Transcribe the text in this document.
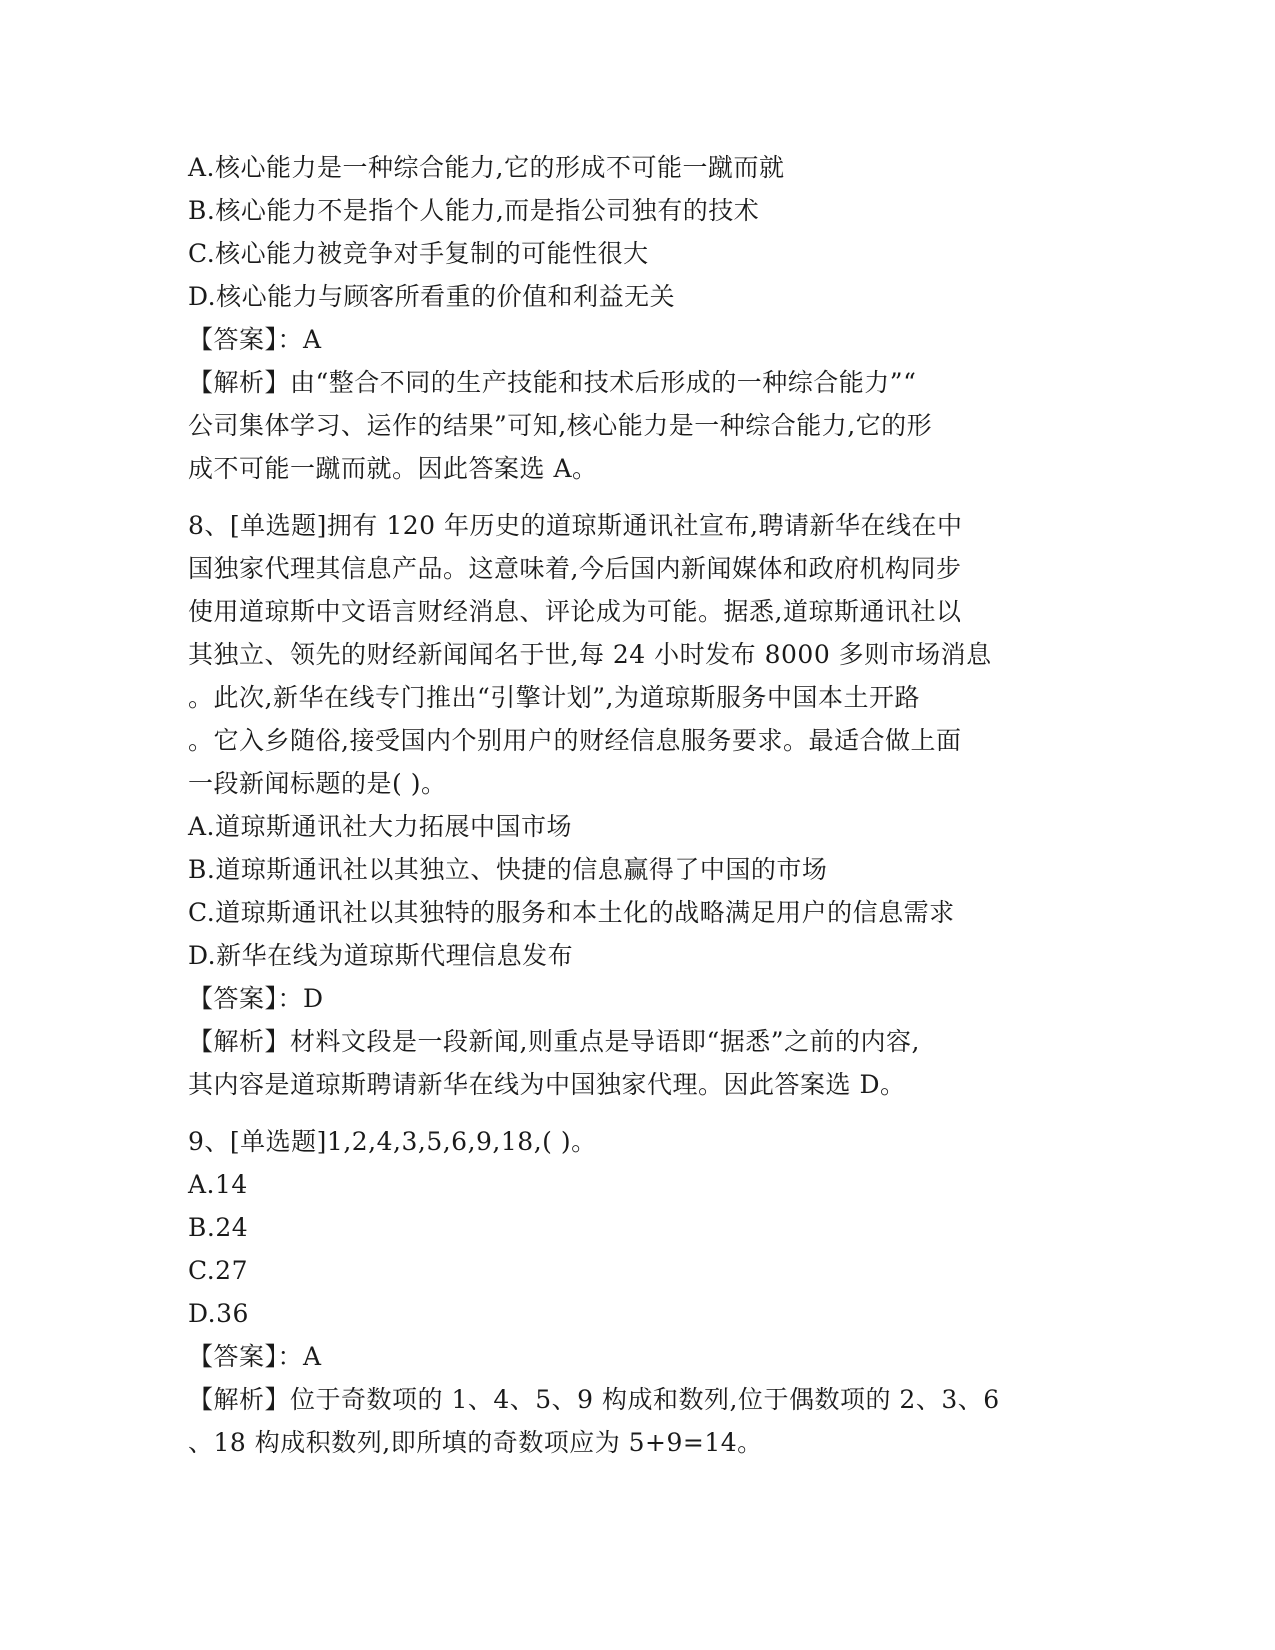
A.核心能力是一种综合能力,它的形成不可能一蹴而就
B.核心能力不是指个人能力,而是指公司独有的技术
C.核心能力被竞争对手复制的可能性很大
D.核心能力与顾客所看重的价值和利益无关
【答案】：A
【解析】由“整合不同的生产技能和技术后形成的一种综合能力”“
公司集体学习、运作的结果”可知,核心能力是一种综合能力,它的形
成不可能一蹴而就。因此答案选 A。
8、[单选题]拥有 120 年历史的道琼斯通讯社宣布,聘请新华在线在中
国独家代理其信息产品。这意味着,今后国内新闻媒体和政府机构同步
使用道琼斯中文语言财经消息、评论成为可能。据悉,道琼斯通讯社以
其独立、领先的财经新闻闻名于世,每 24 小时发布 8000 多则市场消息
。此次,新华在线专门推出“引擎计划”,为道琼斯服务中国本土开路
。它入乡随俗,接受国内个别用户的财经信息服务要求。最适合做上面
一段新闻标题的是( )。
A.道琼斯通讯社大力拓展中国市场
B.道琼斯通讯社以其独立、快捷的信息赢得了中国的市场
C.道琼斯通讯社以其独特的服务和本土化的战略满足用户的信息需求
D.新华在线为道琼斯代理信息发布
【答案】：D
【解析】材料文段是一段新闻,则重点是导语即“据悉”之前的内容,
其内容是道琼斯聘请新华在线为中国独家代理。因此答案选 D。
9、[单选题]1,2,4,3,5,6,9,18,( )。
A.14
B.24
C.27
D.36
【答案】：A
【解析】位于奇数项的 1、4、5、9 构成和数列,位于偶数项的 2、3、6
、18 构成积数列,即所填的奇数项应为 5+9=14。
